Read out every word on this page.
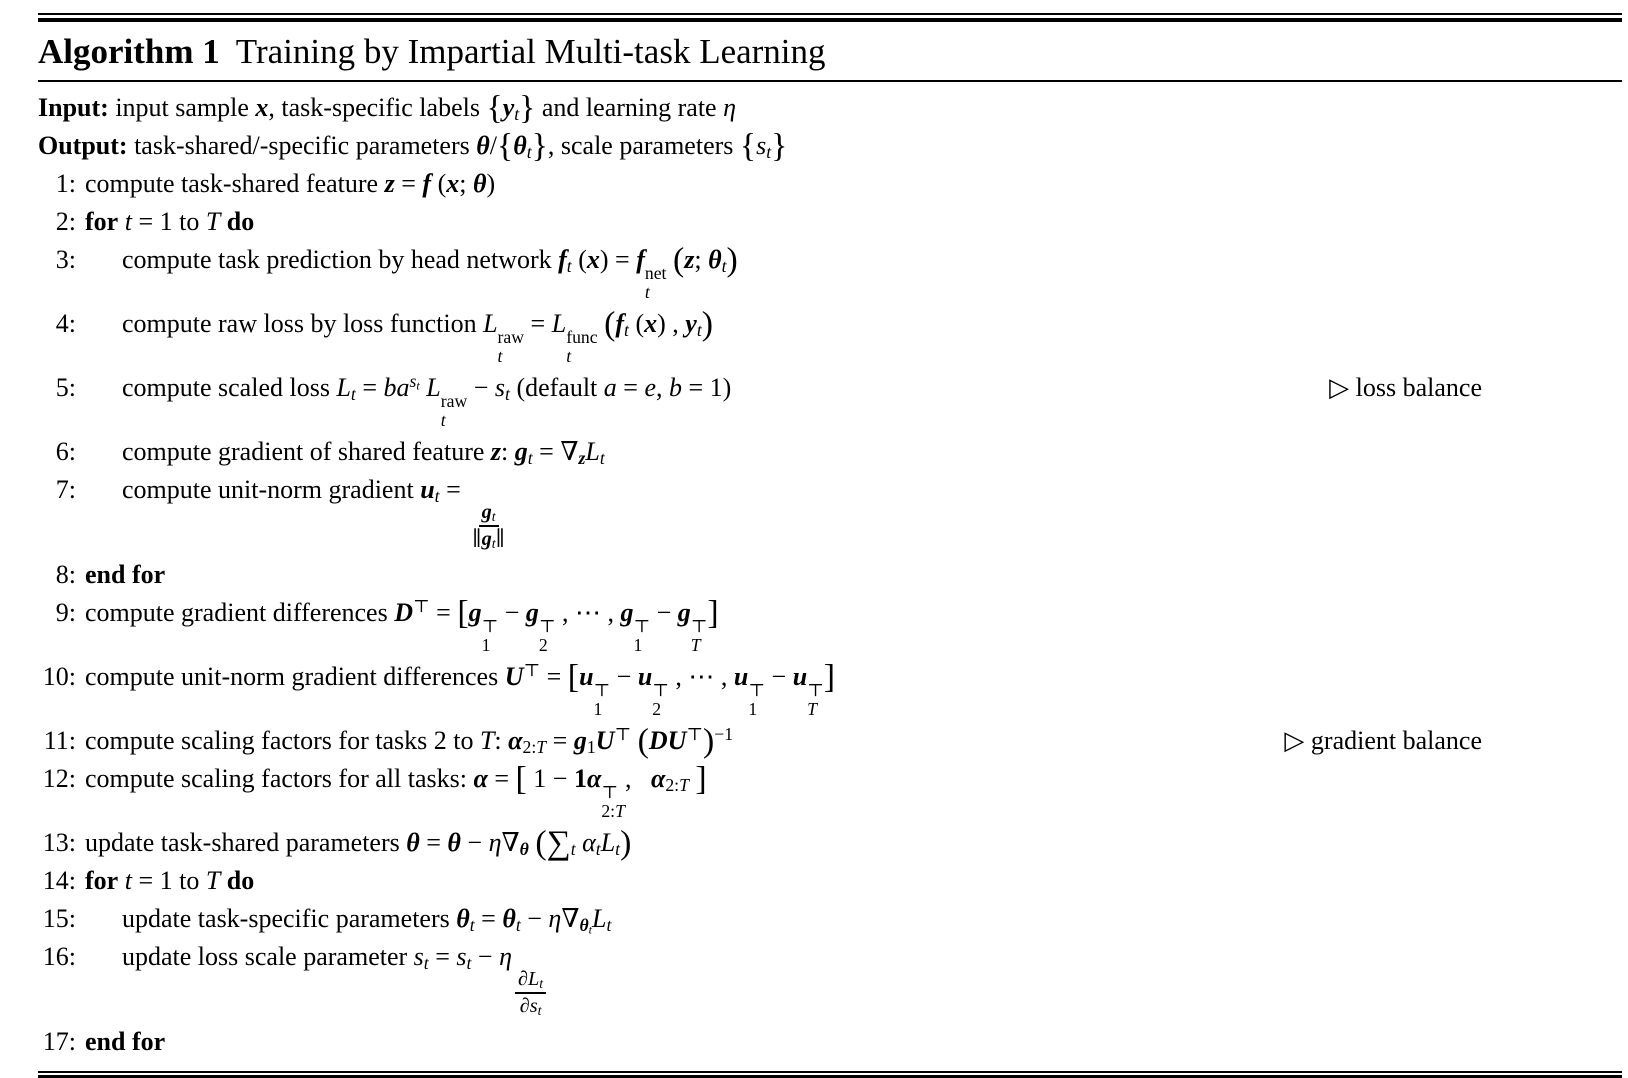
Algorithm 1 Training by Impartial Multi-task Learning
Input: input sample x, task-specific labels $\{y_t\}$ and learning rate η
Output: task-shared/-specific parameters $\theta/\{\theta_t\}$, scale parameters $\{s_t\}$
1: compute task-shared feature z = f (x; θ)
2: for t = 1 to T do
3:	compute task prediction by head network $f_t$ (x) = f net
t
(z; $\theta_t$)
4:	compute raw loss by loss function L raw
t
= L func
t
($f_t$ (x) , $y_t$)
5:	compute scaled loss $L_t = ba^{s_t}$ L raw
t
− $s_t$ (default a = e, b = 1)	▷ loss balance
6:	compute gradient of shared feature z: $g_t = \nabla_zL_t$
7:	compute unit-norm gradient $u_t$ =
$\frac{g_t}{\parallel g_t\parallel}$
8: end for
9: compute gradient differences D⊤ = [g ⊤
1
− g ⊤
2
, ⋯ , g ⊤
1
− g ⊤
T
]
10: compute unit-norm gradient differences U⊤ = [u ⊤
1
− u ⊤
2
, ⋯ , u ⊤
1
− u ⊤
T
]
11: compute scaling factors for tasks 2 to T: $\alpha_{2:T} = g_1U^⊤$ $(DU^⊤)^{-1}$	▷ gradient balance
12: compute scaling factors for all tasks: α = [ 1 − 1α ⊤
2:T
,   $\alpha_{2:T}$ ]
13: update task-shared parameters $\theta = \theta - \eta\nabla_\theta$ ($\sum_t$ $\alpha_tL_t$)
14: for t = 1 to T do
15:	update task-specific parameters $\theta_t = \theta_t - \eta\nabla_{\theta_t}L_t$
16:	update loss scale parameter $s_t = s_t - \eta$
$\frac{\partial L_t}{\partial s_t}$
17: end for
